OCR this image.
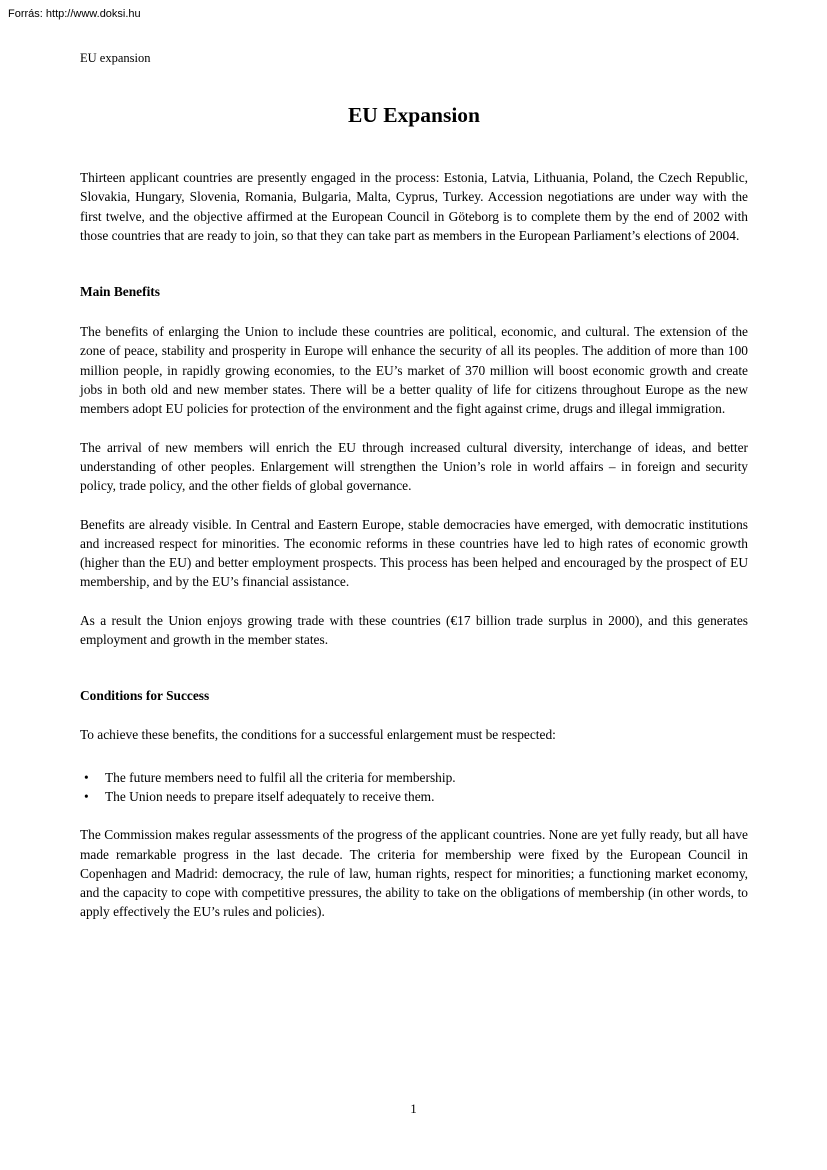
Forrás: http://www.doksi.hu
EU expansion
EU Expansion

Thirteen applicant countries are presently engaged in the process: Estonia, Latvia, Lithuania, Poland, the Czech Republic, Slovakia, Hungary, Slovenia, Romania, Bulgaria, Malta, Cyprus, Turkey. Accession negotiations are under way with the first twelve, and the objective affirmed at the European Council in Göteborg is to complete them by the end of 2002 with those countries that are ready to join, so that they can take part as members in the European Parliament’s elections of 2004.

Main Benefits

The benefits of enlarging the Union to include these countries are political, economic, and cultural. The extension of the zone of peace, stability and prosperity in Europe will enhance the security of all its peoples. The addition of more than 100 million people, in rapidly growing economies, to the EU’s market of 370 million will boost economic growth and create jobs in both old and new member states. There will be a better quality of life for citizens throughout Europe as the new members adopt EU policies for protection of the environment and the fight against crime, drugs and illegal immigration.

The arrival of new members will enrich the EU through increased cultural diversity, interchange of ideas, and better understanding of other peoples. Enlargement will strengthen the Union’s role in world affairs – in foreign and security policy, trade policy, and the other fields of global governance.

Benefits are already visible. In Central and Eastern Europe, stable democracies have emerged, with democratic institutions and increased respect for minorities. The economic reforms in these countries have led to high rates of economic growth (higher than the EU) and better employment prospects. This process has been helped and encouraged by the prospect of EU membership, and by the EU’s financial assistance.

As a result the Union enjoys growing trade with these countries (€17 billion trade surplus in 2000), and this generates employment and growth in the member states.

Conditions for Success

To achieve these benefits, the conditions for a successful enlargement must be respected:

• The future members need to fulfil all the criteria for membership.
• The Union needs to prepare itself adequately to receive them.

The Commission makes regular assessments of the progress of the applicant countries. None are yet fully ready, but all have made remarkable progress in the last decade. The criteria for membership were fixed by the European Council in Copenhagen and Madrid: democracy, the rule of law, human rights, respect for minorities; a functioning market economy, and the capacity to cope with competitive pressures, the ability to take on the obligations of membership (in other words, to apply effectively the EU’s rules and policies).

1
